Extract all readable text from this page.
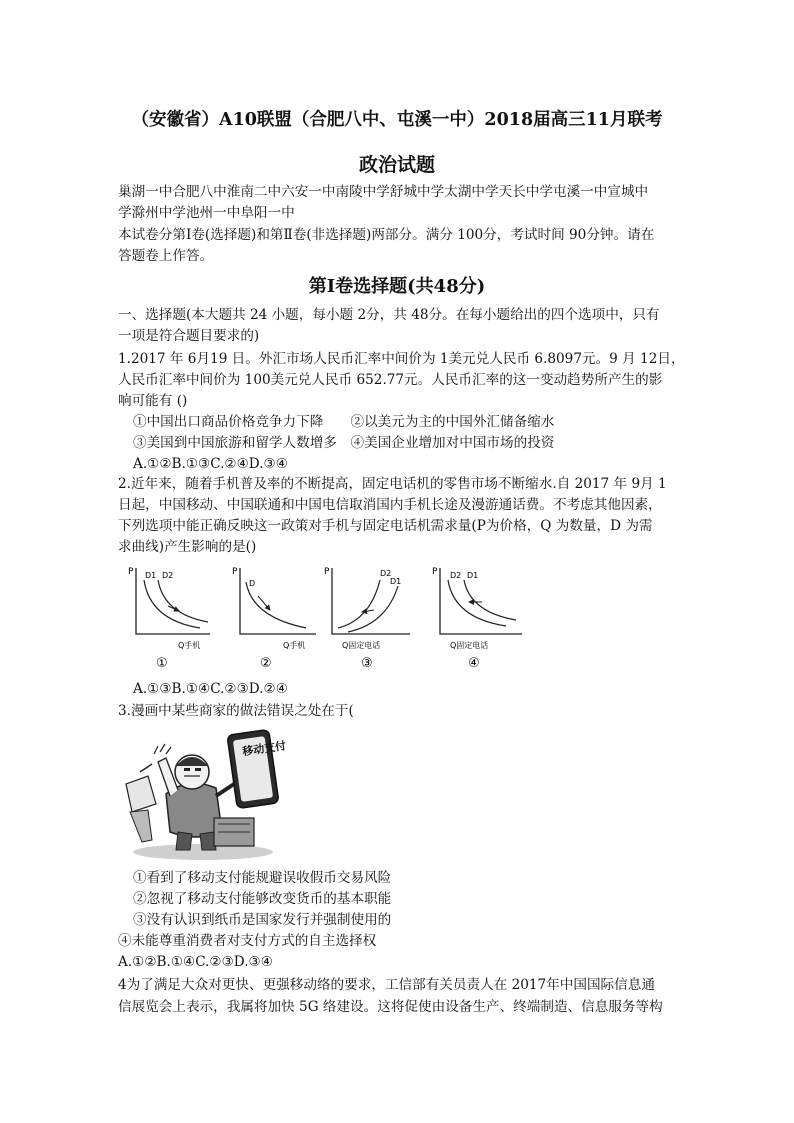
（安徽省）A10联盟（合肥八中、屯溪一中）2018届高三11月联考
政治试题
巢湖一中合肥八中淮南二中六安一中南陵中学舒城中学太湖中学天长中学屯溪一中宣城中
学滁州中学池州一中阜阳一中
本试卷分第Ⅰ卷(选择题)和第Ⅱ卷(非选择题)两部分。满分 100分，考试时间 90分钟。请在
答题卷上作答。
第I卷选择题(共48分)
一、选择题(本大题共 24 小题，每小题 2分，共 48分。在每小题给出的四个选项中，只有
一项是符合题目要求的)
1.2017 年 6月19 日。外汇市场人民币汇率中间价为 1美元兑人民币 6.8097元。9 月 12日，
人民币汇率中间价为 100美元兑人民币 652.77元。人民币汇率的这一变动趋势所产生的影
响可能有 ()
①中国出口商品价格竞争力下降　　②以美元为主的中国外汇储备缩水
③美国到中国旅游和留学人数增多　④美国企业增加对中国市场的投资
A.①②B.①③C.②④D.③④
2.近年来，随着手机普及率的不断提高，固定电话机的零售市场不断缩水.自 2017 年 9月 1
日起，中国移动、中国联通和中国电信取消国内手机长途及漫游通话费。不考虑其他因素，
下列选项中能正确反映这一政策对手机与固定电话机需求量(P为价格，Q 为数量，D 为需
求曲线)产生影响的是()
P D1 D2
Q手机
①
P
D
Q手机
②
P	D2
D1
Q固定电话
③
P D2 D1
Q固定电话
④
A.①③B.①④C.②③D.②④
3.漫画中某些商家的做法错误之处在于(
移动支付
①看到了移动支付能规避误收假币交易风险
②忽视了移动支付能够改变货币的基本职能
③没有认识到纸币是国家发行并强制使用的
④未能尊重消费者对支付方式的自主选择权
A.①②B.①④C.②③D.③④
4为了满足大众对更快、更强移动络的要求，工信部有关员责人在 2017年中国国际信息通
信展览会上表示，我属将加快 5G 络建设。这将促使由设备生产、终端制造、信息服务等构
